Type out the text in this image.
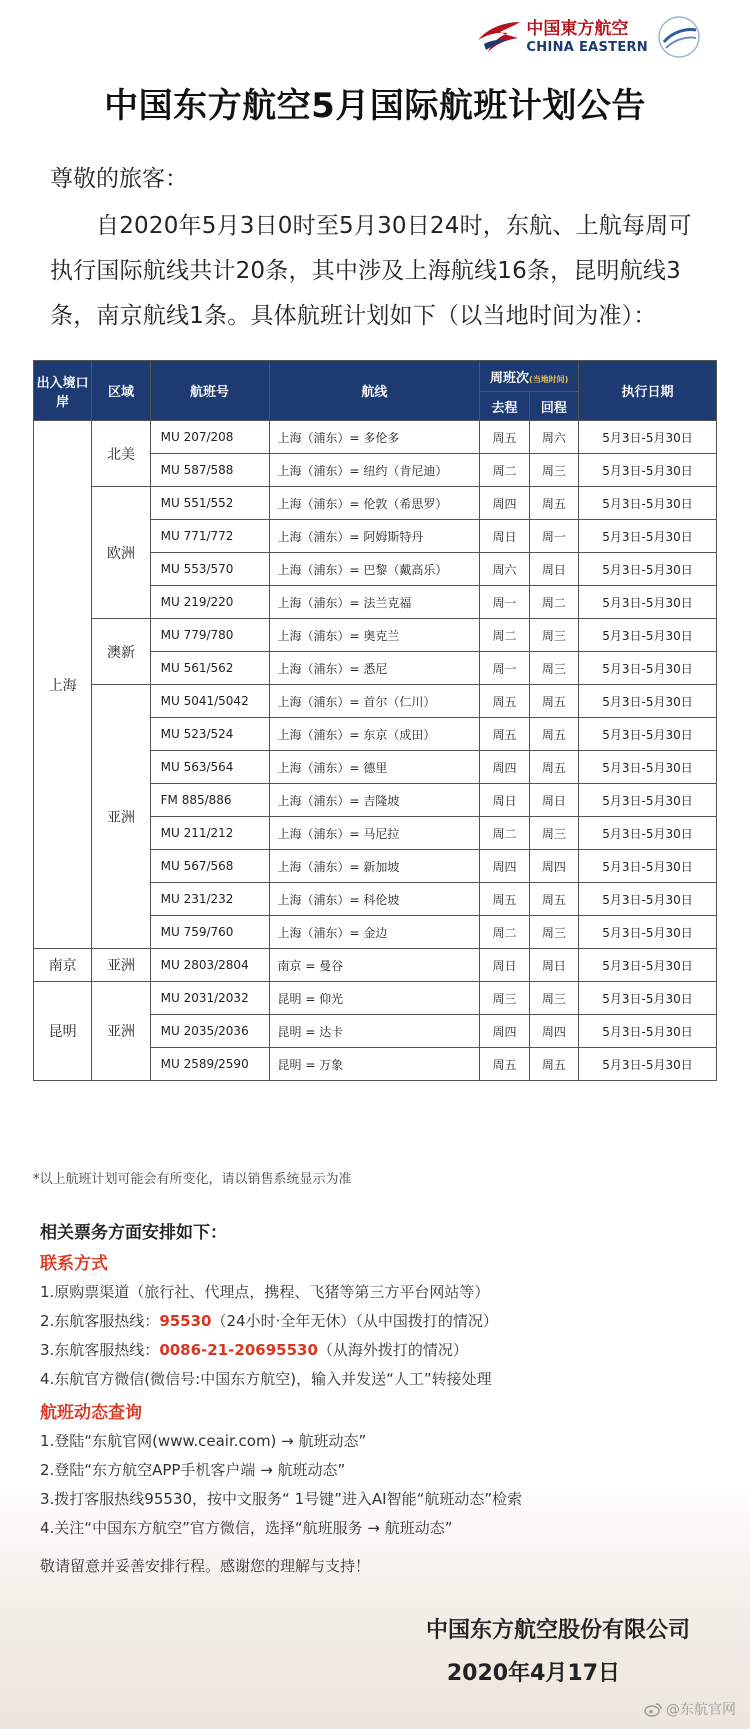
中国東方航空
CHINA EASTERN
中国东方航空5月国际航班计划公告
尊敬的旅客：
自2020年5月3日0时至5月30日24时，东航、上航每周可执行国际航线共计20条，其中涉及上海航线16条，昆明航线3条，南京航线1条。具体航班计划如下（以当地时间为准）：
出入境口岸	区域	航班号	航线	周班次(当地时间)		执行日期
				去程	回程	
上海	北美	MU 207/208	上海（浦东）= 多伦多	周五	周六	5月3日-5月30日
		MU 587/588	上海（浦东）= 纽约（肯尼迪）	周二	周三	5月3日-5月30日
	欧洲	MU 551/552	上海（浦东）= 伦敦（希思罗）	周四	周五	5月3日-5月30日
		MU 771/772	上海（浦东）= 阿姆斯特丹	周日	周一	5月3日-5月30日
		MU 553/570	上海（浦东）= 巴黎（戴高乐）	周六	周日	5月3日-5月30日
		MU 219/220	上海（浦东）= 法兰克福	周一	周二	5月3日-5月30日
	澳新	MU 779/780	上海（浦东）= 奥克兰	周二	周三	5月3日-5月30日
		MU 561/562	上海（浦东）= 悉尼	周一	周三	5月3日-5月30日
	亚洲	MU 5041/5042	上海（浦东）= 首尔（仁川）	周五	周五	5月3日-5月30日
		MU 523/524	上海（浦东）= 东京（成田）	周五	周五	5月3日-5月30日
		MU 563/564	上海（浦东）= 德里	周四	周五	5月3日-5月30日
		FM 885/886	上海（浦东）= 吉隆坡	周日	周日	5月3日-5月30日
		MU 211/212	上海（浦东）= 马尼拉	周二	周三	5月3日-5月30日
		MU 567/568	上海（浦东）= 新加坡	周四	周四	5月3日-5月30日
		MU 231/232	上海（浦东）= 科伦坡	周五	周五	5月3日-5月30日
		MU 759/760	上海（浦东）= 金边	周二	周三	5月3日-5月30日
南京	亚洲	MU 2803/2804	南京 = 曼谷	周日	周日	5月3日-5月30日
昆明	亚洲	MU 2031/2032	昆明 = 仰光	周三	周三	5月3日-5月30日
		MU 2035/2036	昆明 = 达卡	周四	周四	5月3日-5月30日
		MU 2589/2590	昆明 = 万象	周五	周五	5月3日-5月30日
*以上航班计划可能会有所变化，请以销售系统显示为准
相关票务方面安排如下：
联系方式
1.原购票渠道（旅行社、代理点，携程、飞猪等第三方平台网站等）
2.东航客服热线：95530（24小时·全年无休）（从中国拨打的情况）
3.东航客服热线：0086-21-20695530（从海外拨打的情况）
4.东航官方微信(微信号:中国东方航空)，输入并发送“人工”转接处理
航班动态查询
1.登陆“东航官网(www.ceair.com) → 航班动态”
2.登陆“东方航空APP手机客户端 → 航班动态”
3.拨打客服热线95530，按中文服务“ 1号键”进入AI智能“航班动态”检索
4.关注“中国东方航空”官方微信，选择“航班服务 → 航班动态”
敬请留意并妥善安排行程。感谢您的理解与支持！
中国东方航空股份有限公司
2020年4月17日
@东航官网
